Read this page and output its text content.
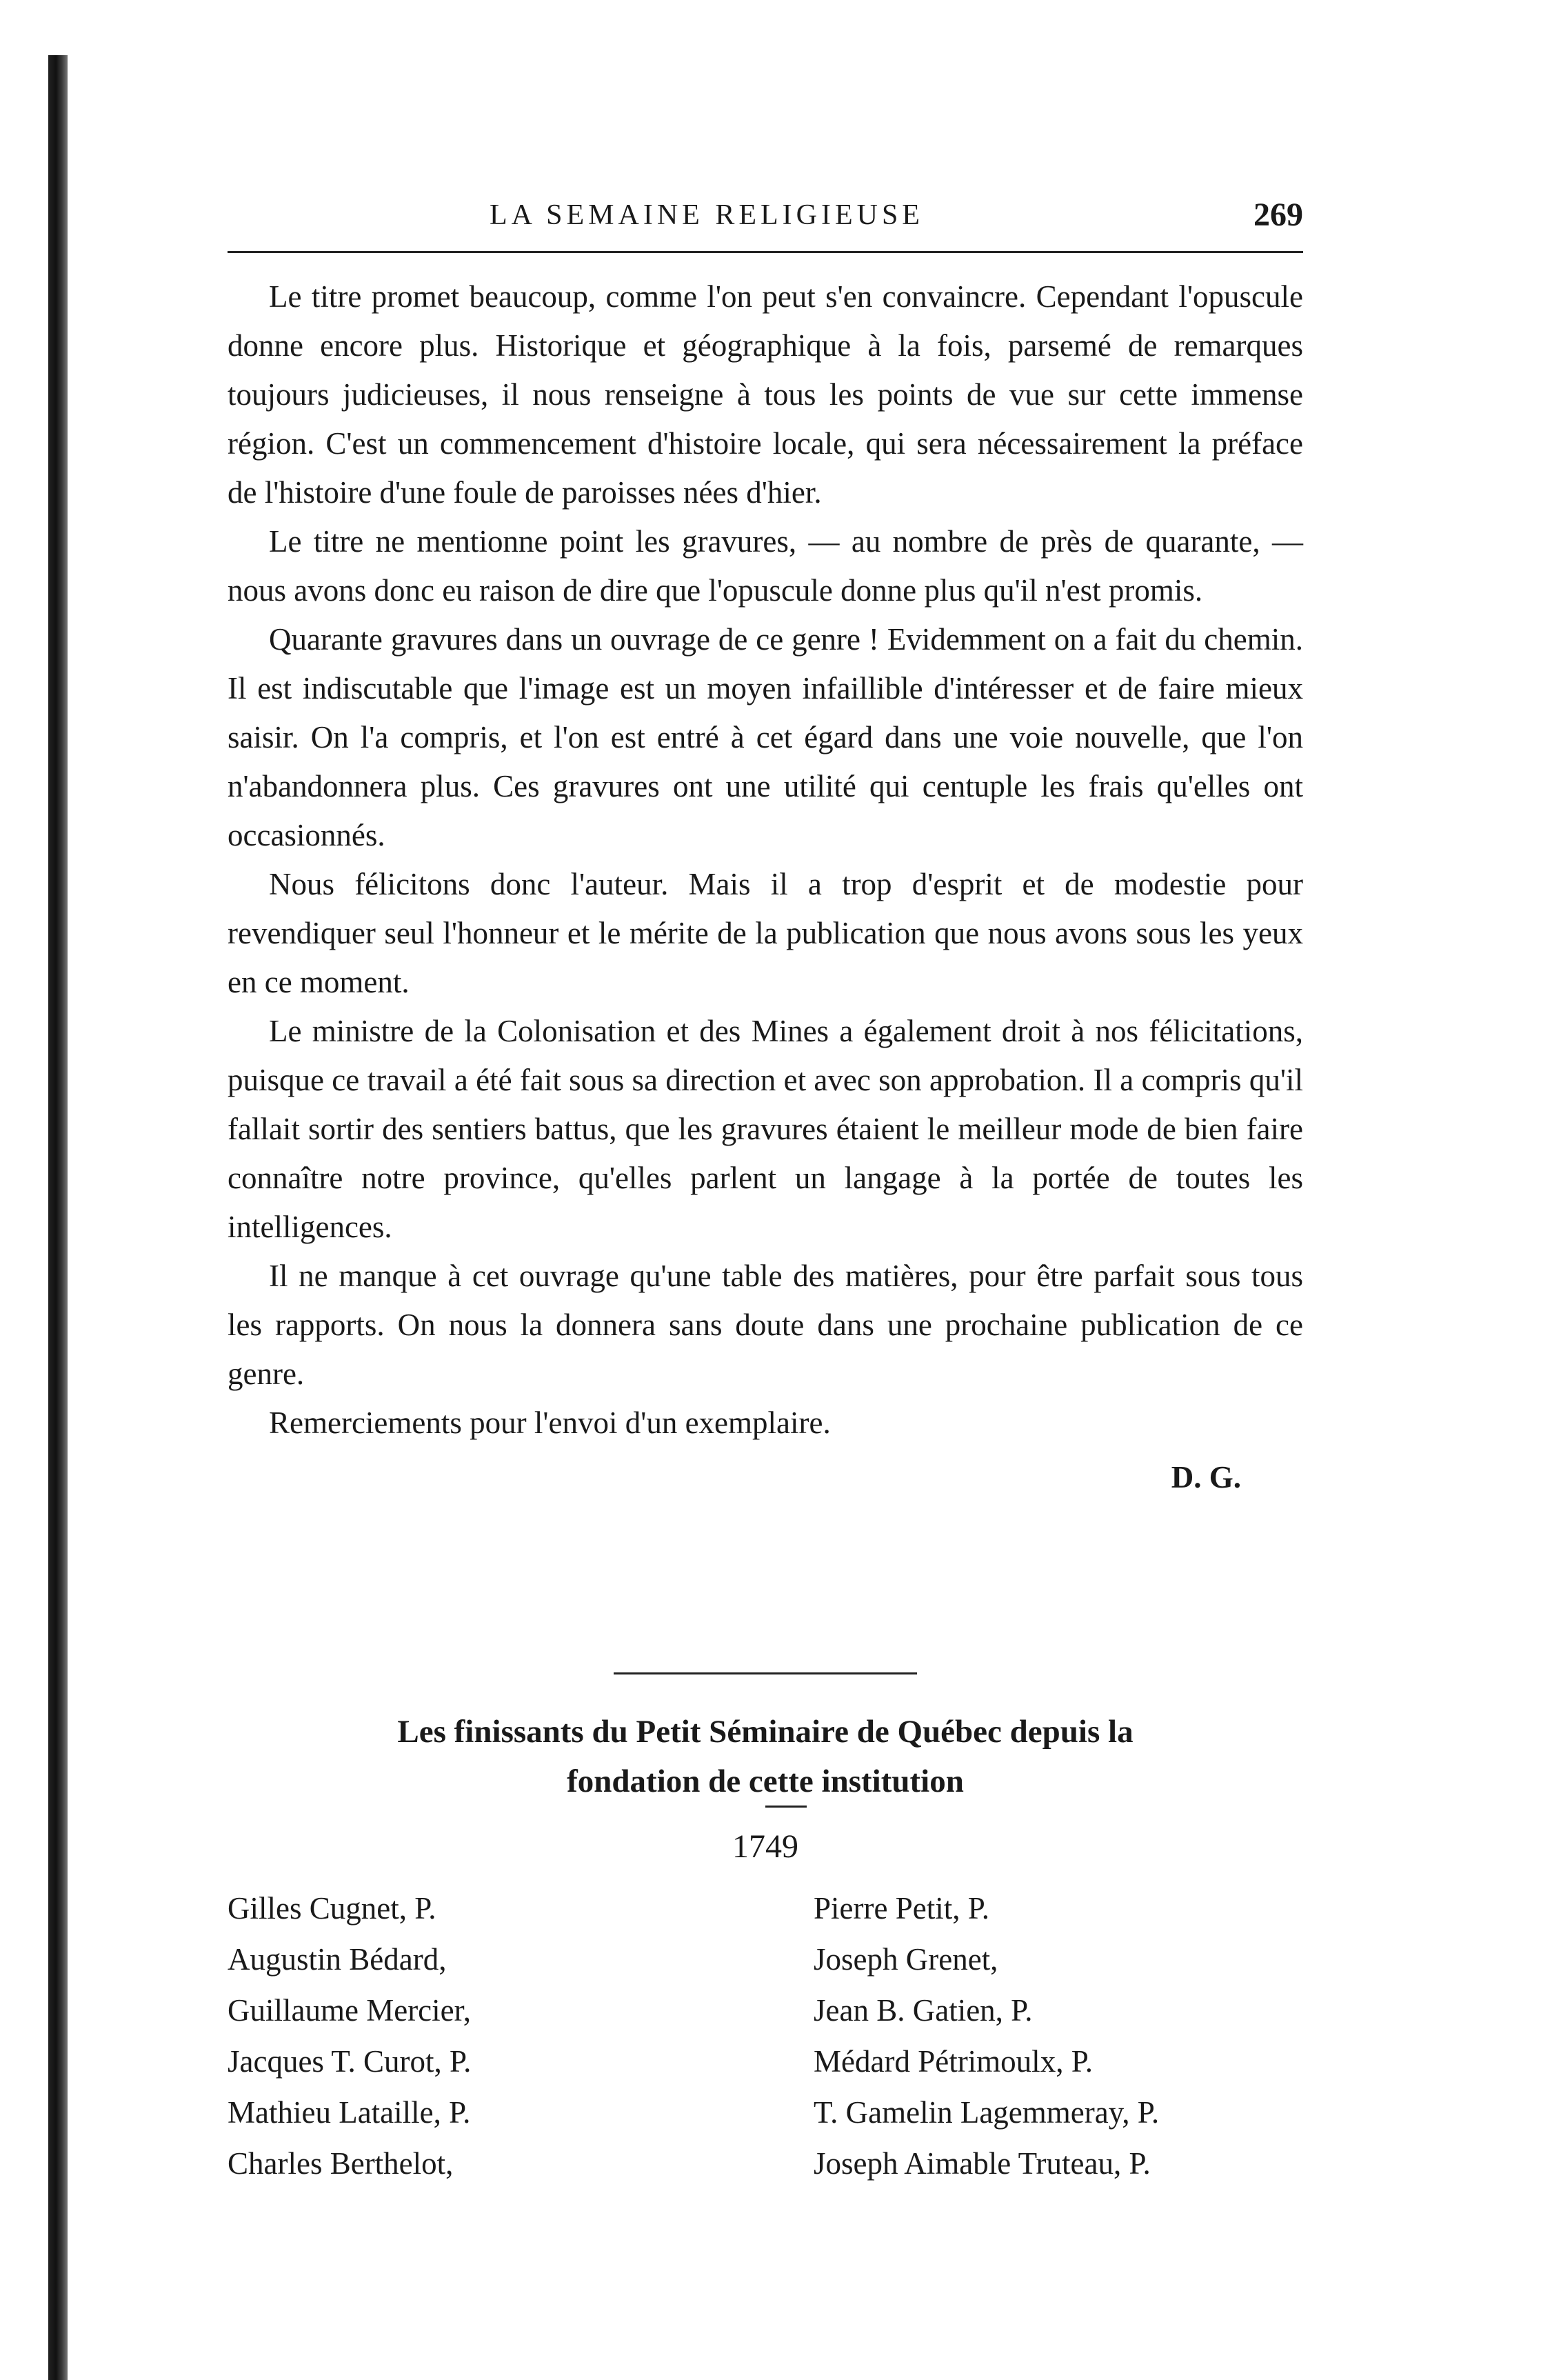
LA SEMAINE RELIGIEUSE	269

Le titre promet beaucoup, comme l'on peut s'en convaincre. Cependant l'opuscule donne encore plus. Historique et géographique à la fois, parsemé de remarques toujours judicieuses, il nous renseigne à tous les points de vue sur cette immense région. C'est un commencement d'histoire locale, qui sera nécessairement la préface de l'histoire d'une foule de paroisses nées d'hier.

Le titre ne mentionne point les gravures, — au nombre de près de quarante, — nous avons donc eu raison de dire que l'opuscule donne plus qu'il n'est promis.

Quarante gravures dans un ouvrage de ce genre ! Evidemment on a fait du chemin. Il est indiscutable que l'image est un moyen infaillible d'intéresser et de faire mieux saisir. On l'a compris, et l'on est entré à cet égard dans une voie nouvelle, que l'on n'abandonnera plus. Ces gravures ont une utilité qui centuple les frais qu'elles ont occasionnés.

Nous félicitons donc l'auteur. Mais il a trop d'esprit et de modestie pour revendiquer seul l'honneur et le mérite de la publication que nous avons sous les yeux en ce moment.

Le ministre de la Colonisation et des Mines a également droit à nos félicitations, puisque ce travail a été fait sous sa direction et avec son approbation. Il a compris qu'il fallait sortir des sentiers battus, que les gravures étaient le meilleur mode de bien faire connaître notre province, qu'elles parlent un langage à la portée de toutes les intelligences.

Il ne manque à cet ouvrage qu'une table des matières, pour être parfait sous tous les rapports. On nous la donnera sans doute dans une prochaine publication de ce genre.

Remerciements pour l'envoi d'un exemplaire.

D. G.
Les finissants du Petit Séminaire de Québec depuis la
fondation de cette institution
1749
Gilles Cugnet, P.	Pierre Petit, P.
Augustin Bédard,	Joseph Grenet,
Guillaume Mercier,	Jean B. Gatien, P.
Jacques T. Curot, P.	Médard Pétrimoulx, P.
Mathieu Lataille, P.	T. Gamelin Lagemmeray, P.
Charles Berthelot,	Joseph Aimable Truteau, P.
